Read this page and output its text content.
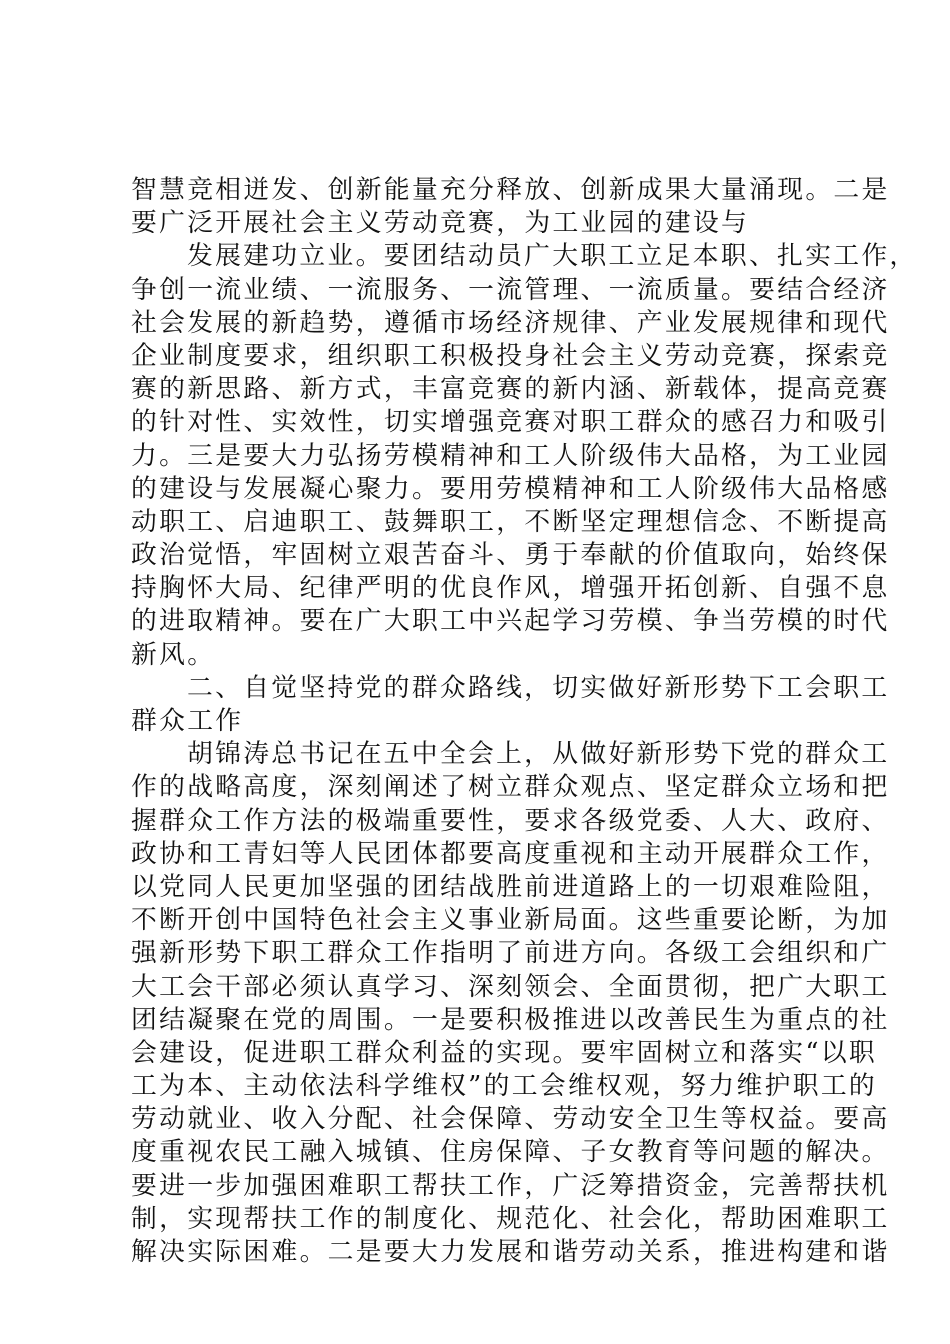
智慧竞相迸发、创新能量充分释放、创新成果大量涌现。二是
要广泛开展社会主义劳动竞赛，为工业园的建设与
发展建功立业。要团结动员广大职工立足本职、扎实工作，
争创一流业绩、一流服务、一流管理、一流质量。要结合经济
社会发展的新趋势，遵循市场经济规律、产业发展规律和现代
企业制度要求，组织职工积极投身社会主义劳动竞赛，探索竞
赛的新思路、新方式，丰富竞赛的新内涵、新载体，提高竞赛
的针对性、实效性，切实增强竞赛对职工群众的感召力和吸引
力。三是要大力弘扬劳模精神和工人阶级伟大品格，为工业园
的建设与发展凝心聚力。要用劳模精神和工人阶级伟大品格感
动职工、启迪职工、鼓舞职工，不断坚定理想信念、不断提高
政治觉悟，牢固树立艰苦奋斗、勇于奉献的价值取向，始终保
持胸怀大局、纪律严明的优良作风，增强开拓创新、自强不息
的进取精神。要在广大职工中兴起学习劳模、争当劳模的时代
新风。
二、自觉坚持党的群众路线，切实做好新形势下工会职工
群众工作
胡锦涛总书记在五中全会上，从做好新形势下党的群众工
作的战略高度，深刻阐述了树立群众观点、坚定群众立场和把
握群众工作方法的极端重要性，要求各级党委、人大、政府、
政协和工青妇等人民团体都要高度重视和主动开展群众工作，
以党同人民更加坚强的团结战胜前进道路上的一切艰难险阻，
不断开创中国特色社会主义事业新局面。这些重要论断，为加
强新形势下职工群众工作指明了前进方向。各级工会组织和广
大工会干部必须认真学习、深刻领会、全面贯彻，把广大职工
团结凝聚在党的周围。一是要积极推进以改善民生为重点的社
会建设，促进职工群众利益的实现。要牢固树立和落实“以职
工为本、主动依法科学维权”的工会维权观，努力维护职工的
劳动就业、收入分配、社会保障、劳动安全卫生等权益。要高
度重视农民工融入城镇、住房保障、子女教育等问题的解决。
要进一步加强困难职工帮扶工作，广泛筹措资金，完善帮扶机
制，实现帮扶工作的制度化、规范化、社会化，帮助困难职工
解决实际困难。二是要大力发展和谐劳动关系，推进构建和谐
